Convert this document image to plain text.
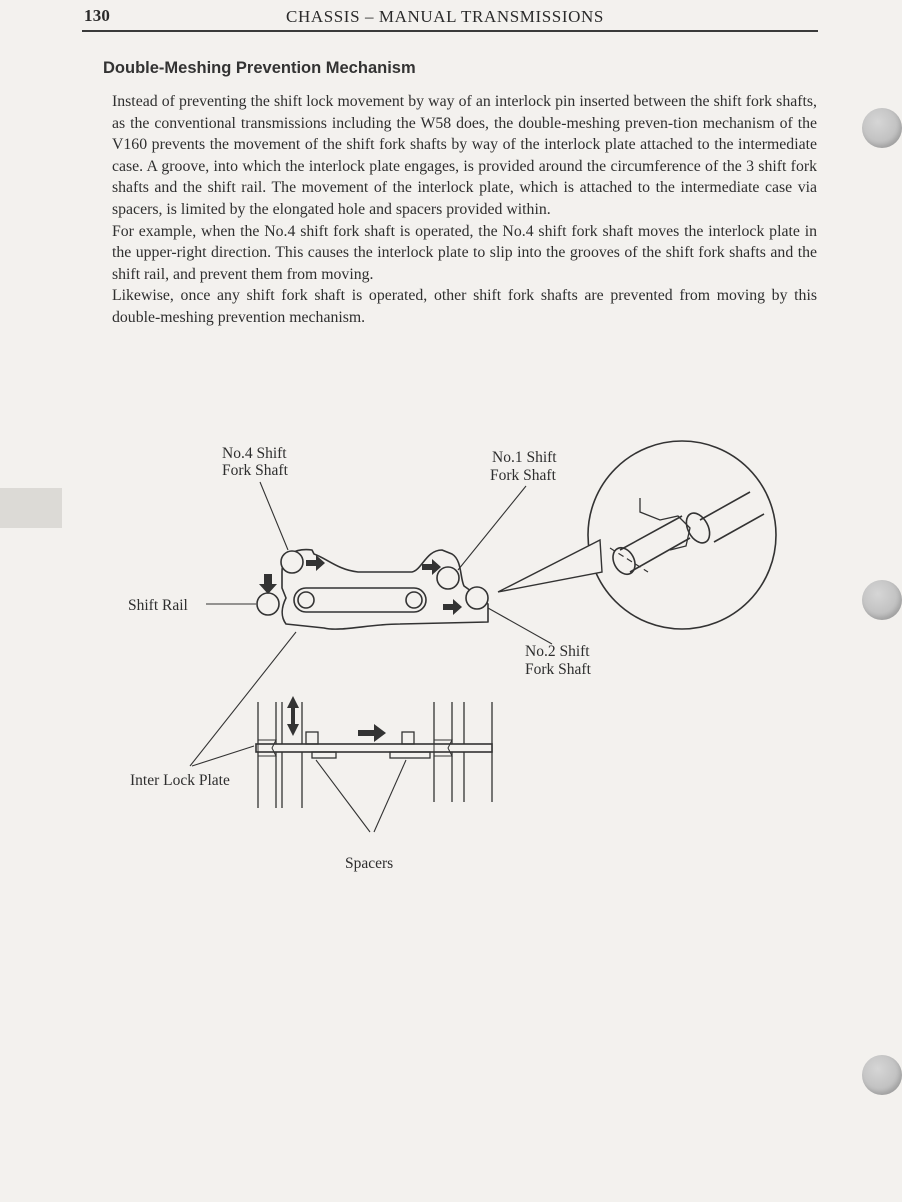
130	CHASSIS – MANUAL TRANSMISSIONS
Double-Meshing Prevention Mechanism

Instead of preventing the shift lock movement by way of an interlock pin inserted between the shift fork shafts, as the conventional transmissions including the W58 does, the double-meshing preven-tion mechanism of the V160 prevents the movement of the shift fork shafts by way of the interlock plate attached to the intermediate case. A groove, into which the interlock plate engages, is provided around the circumference of the 3 shift fork shafts and the shift rail. The movement of the interlock plate, which is attached to the intermediate case via spacers, is limited by the elongated hole and spacers provided within.

For example, when the No.4 shift fork shaft is operated, the No.4 shift fork shaft moves the interlock plate in the upper-right direction. This causes the interlock plate to slip into the grooves of the shift fork shafts and the shift rail, and prevent them from moving.

Likewise, once any shift fork shaft is operated, other shift fork shafts are prevented from moving by this double-meshing prevention mechanism.

No.4 Shift
Fork Shaft
No.1 Shift
Fork Shaft
Shift Rail
No.2 Shift
Fork Shaft
Inter Lock Plate
Spacers
